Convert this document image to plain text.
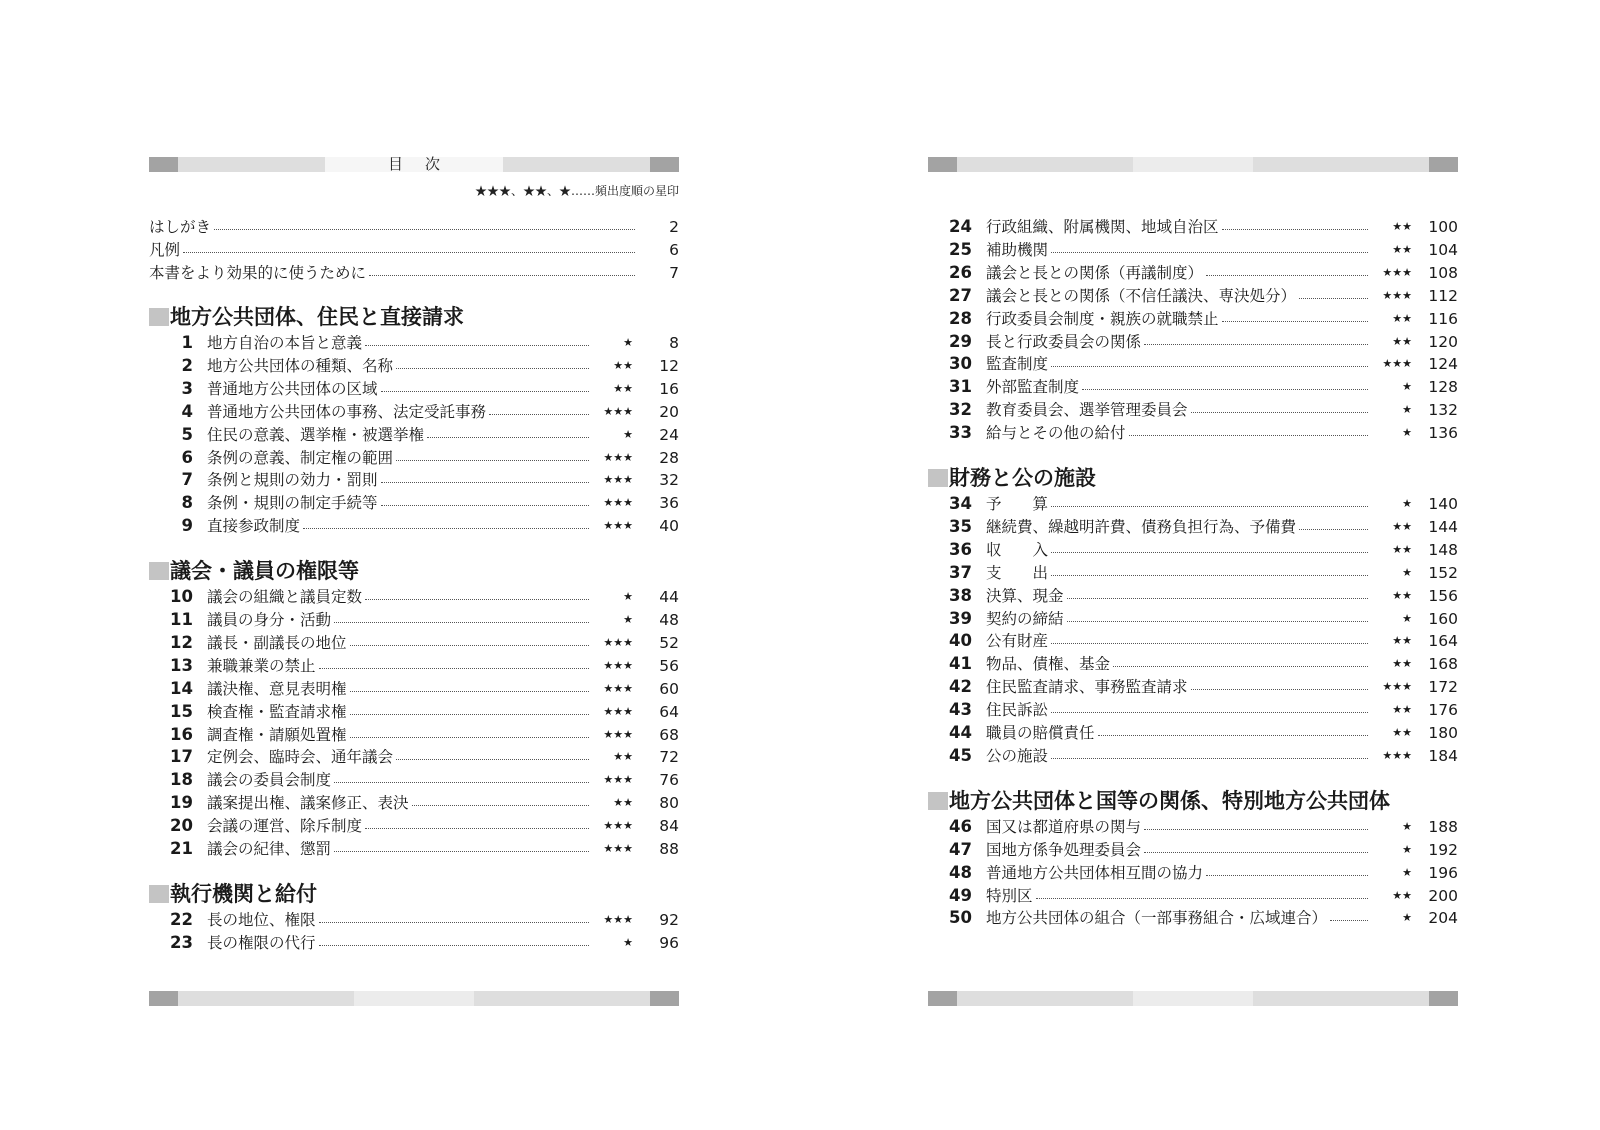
目次
★★★、★★、★……頻出度順の星印
はしがき	2
凡例	6
本書をより効果的に使うために	7
地方公共団体、住民と直接請求
1 地方自治の本旨と意義	★	8
2 地方公共団体の種類、名称	★★	12
3 普通地方公共団体の区域	★★	16
4 普通地方公共団体の事務、法定受託事務	★★★	20
5 住民の意義、選挙権・被選挙権	★	24
6 条例の意義、制定権の範囲	★★★	28
7 条例と規則の効力・罰則	★★★	32
8 条例・規則の制定手続等	★★★	36
9 直接参政制度	★★★	40
議会・議員の権限等
10 議会の組織と議員定数	★	44
11 議員の身分・活動	★	48
12 議長・副議長の地位	★★★	52
13 兼職兼業の禁止	★★★	56
14 議決権、意見表明権	★★★	60
15 検査権・監査請求権	★★★	64
16 調査権・請願処置権	★★★	68
17 定例会、臨時会、通年議会	★★	72
18 議会の委員会制度	★★★	76
19 議案提出権、議案修正、表決	★★	80
20 会議の運営、除斥制度	★★★	84
21 議会の紀律、懲罰	★★★	88
執行機関と給付
22 長の地位、権限	★★★	92
23 長の権限の代行	★	96
24 行政組織、附属機関、地域自治区	★★	100
25 補助機関	★★	104
26 議会と長との関係（再議制度）	★★★	108
27 議会と長との関係（不信任議決、専決処分）	★★★	112
28 行政委員会制度・親族の就職禁止	★★	116
29 長と行政委員会の関係	★★	120
30 監査制度	★★★	124
31 外部監査制度	★	128
32 教育委員会、選挙管理委員会	★	132
33 給与とその他の給付	★	136
財務と公の施設
34 予　　算	★	140
35 継続費、繰越明許費、債務負担行為、予備費	★★	144
36 収　　入	★★	148
37 支　　出	★	152
38 決算、現金	★★	156
39 契約の締結	★	160
40 公有財産	★★	164
41 物品、債権、基金	★★	168
42 住民監査請求、事務監査請求	★★★	172
43 住民訴訟	★★	176
44 職員の賠償責任	★★	180
45 公の施設	★★★	184
地方公共団体と国等の関係、特別地方公共団体
46 国又は都道府県の関与	★	188
47 国地方係争処理委員会	★	192
48 普通地方公共団体相互間の協力	★	196
49 特別区	★★	200
50 地方公共団体の組合（一部事務組合・広域連合）	★	204
